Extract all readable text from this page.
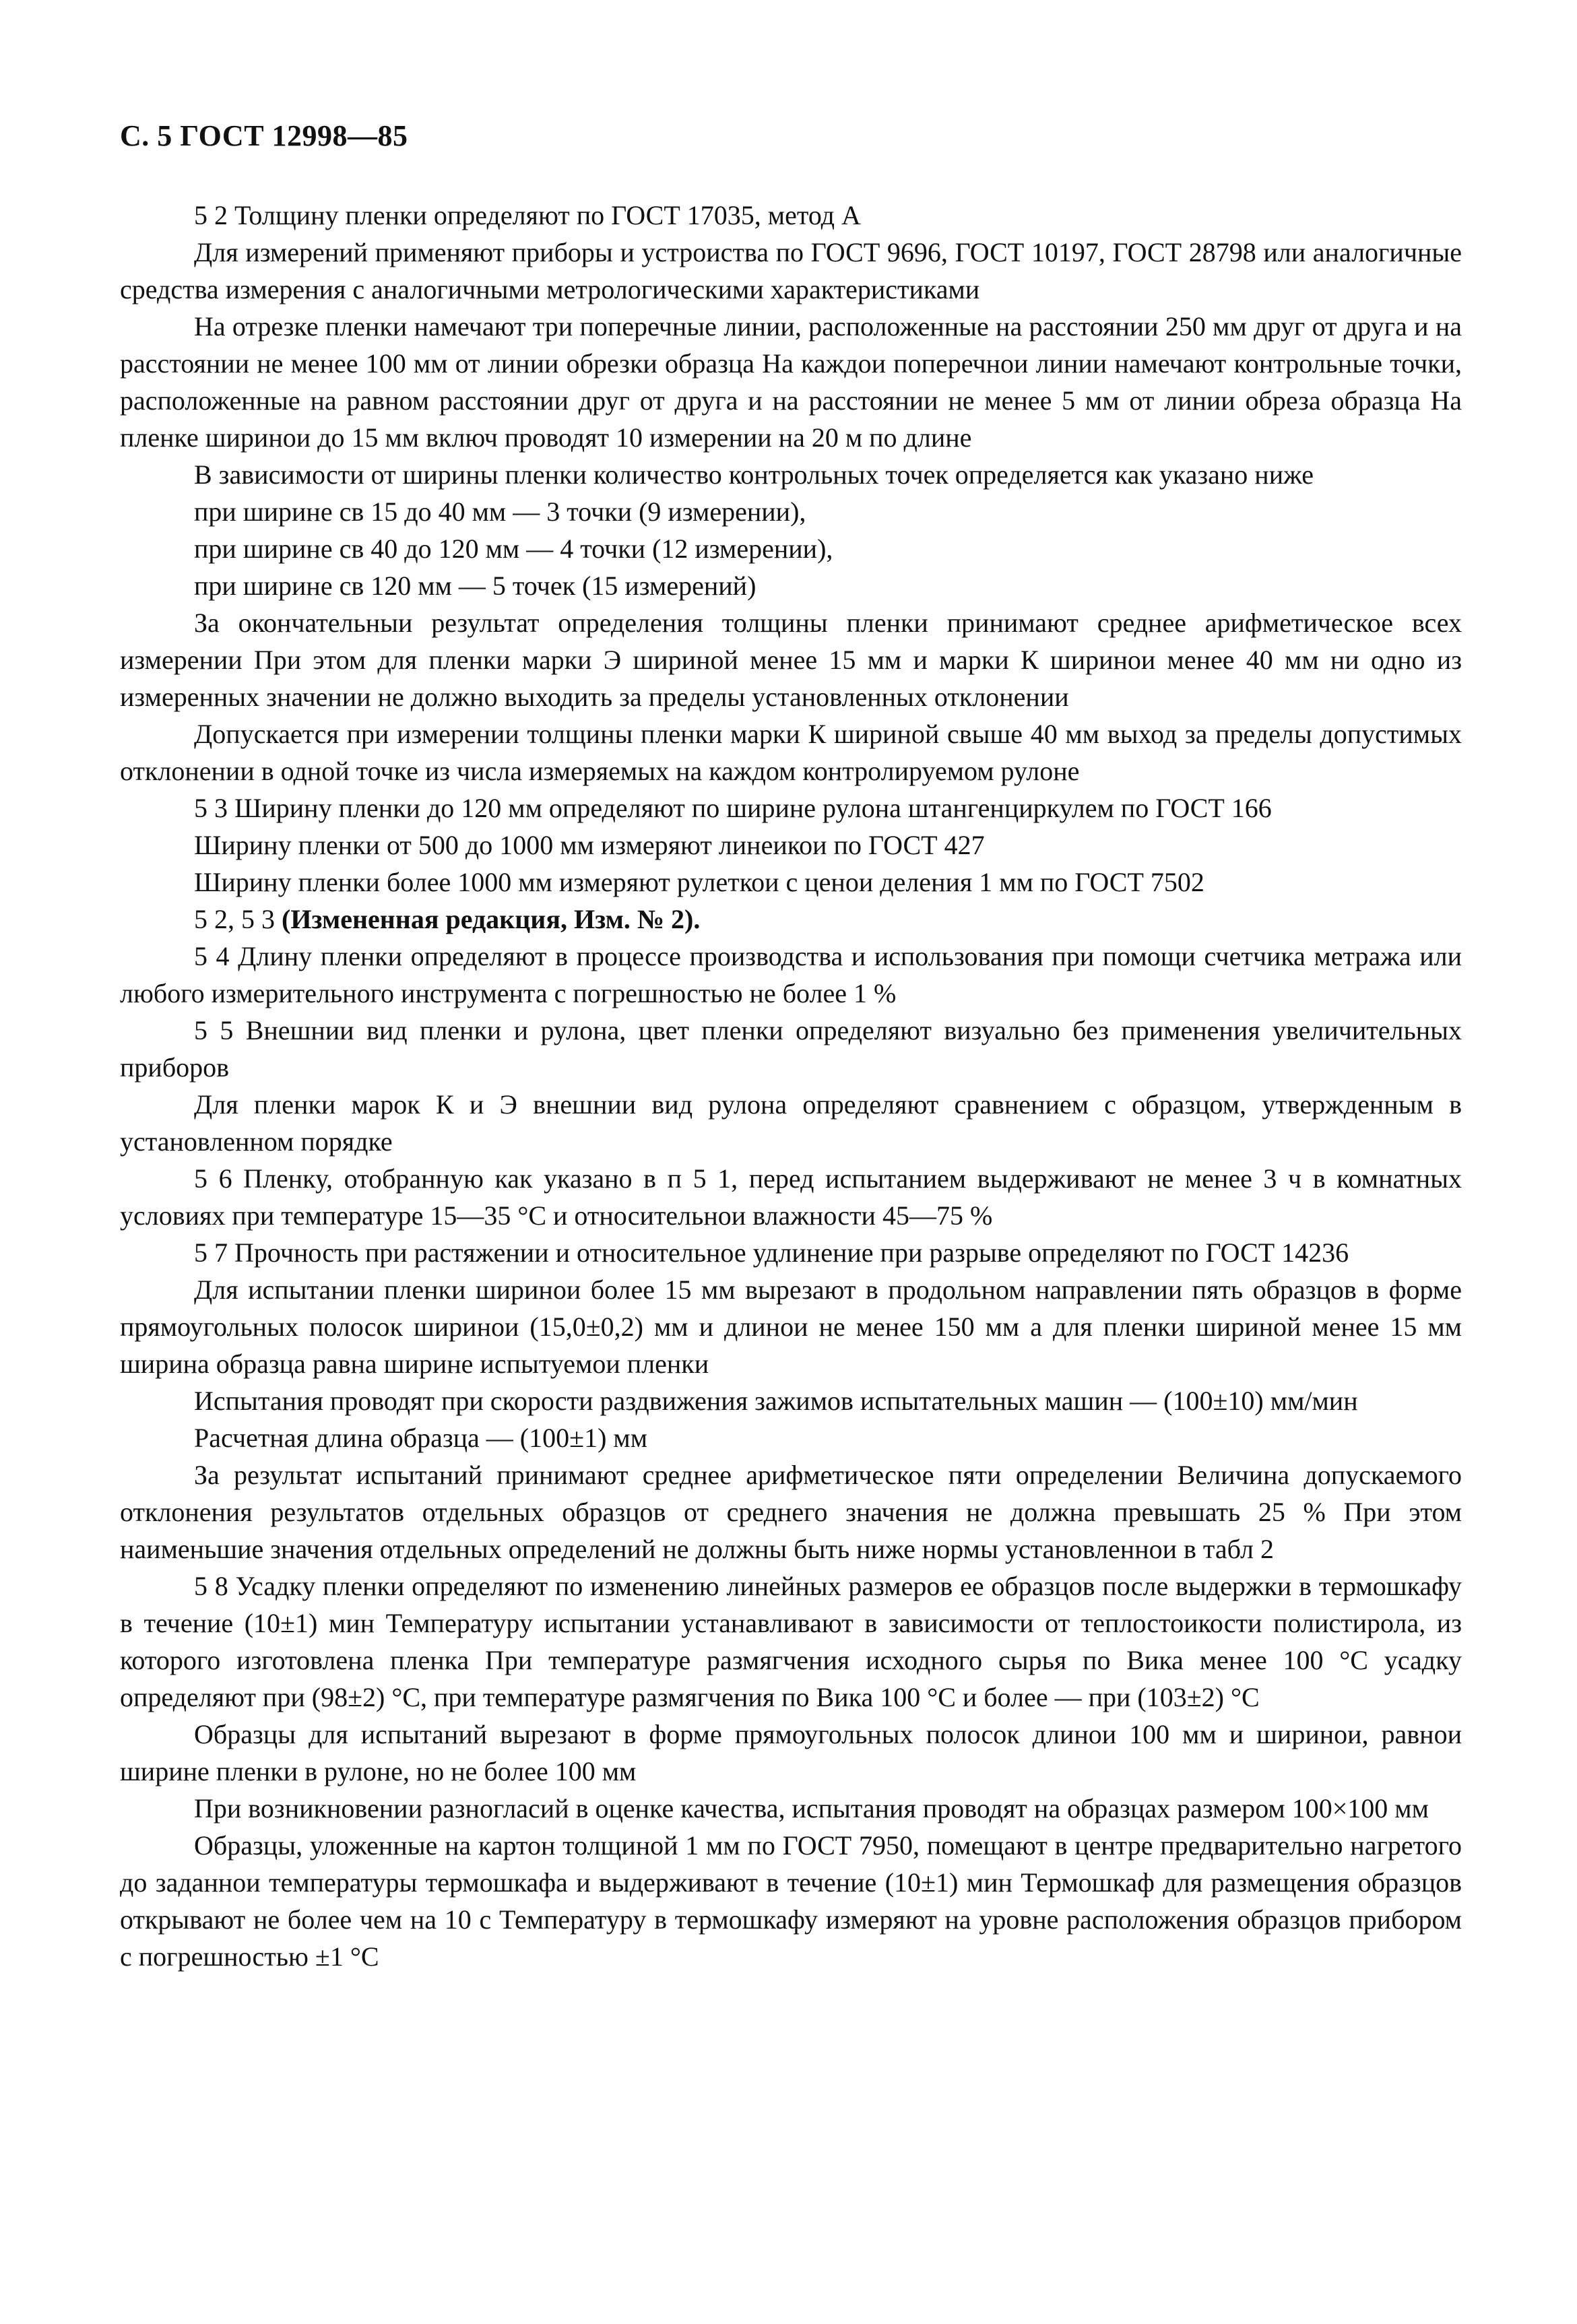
С. 5 ГОСТ 12998—85

5 2 Толщину пленки определяют по ГОСТ 17035, метод А

Для измерений применяют приборы и устроиства по ГОСТ 9696, ГОСТ 10197, ГОСТ 28798 или аналогичные средства измерения с аналогичными метрологическими характеристиками

На отрезке пленки намечают три поперечные линии, расположенные на расстоянии 250 мм друг от друга и на расстоянии не менее 100 мм от линии обрезки образца На каждои поперечнои линии намечают контрольные точки, расположенные на равном расстоянии друг от друга и на расстоянии не менее 5 мм от линии обреза образца На пленке ширинои до 15 мм включ проводят 10 измерении на 20 м по длине

В зависимости от ширины пленки количество контрольных точек определяется как указано ниже

при ширине св 15 до 40 мм — 3 точки (9 измерении),

при ширине св 40 до 120 мм — 4 точки (12 измерении),

при ширине св 120 мм — 5 точек (15 измерений)

За окончательныи результат определения толщины пленки принимают среднее арифметическое всех измерении При этом для пленки марки Э шириной менее 15 мм и марки К ширинои менее 40 мм ни одно из измеренных значении не должно выходить за пределы установленных отклонении

Допускается при измерении толщины пленки марки К шириной свыше 40 мм выход за пределы допустимых отклонении в одной точке из числа измеряемых на каждом контролируемом рулоне

5 3 Ширину пленки до 120 мм определяют по ширине рулона штангенциркулем по ГОСТ 166

Ширину пленки от 500 до 1000 мм измеряют линеикои по ГОСТ 427

Ширину пленки более 1000 мм измеряют рулеткои с ценои деления 1 мм по ГОСТ 7502

5 2, 5 3 (Измененная редакция, Изм. № 2).

5 4 Длину пленки определяют в процессе производства и использования при помощи счетчика метража или любого измерительного инструмента с погрешностью не более 1 %

5 5 Внешнии вид пленки и рулона, цвет пленки определяют визуально без применения увеличительных приборов

Для пленки марок К и Э внешнии вид рулона определяют сравнением с образцом, утвержденным в установленном порядке

5 6 Пленку, отобранную как указано в п 5 1, перед испытанием выдерживают не менее 3 ч в комнатных условиях при температуре 15—35 °С и относительнои влажности 45—75 %

5 7 Прочность при растяжении и относительное удлинение при разрыве определяют по ГОСТ 14236

Для испытании пленки ширинои более 15 мм вырезают в продольном направлении пять образцов в форме прямоугольных полосок ширинои (15,0±0,2) мм и длинои не менее 150 мм а для пленки шириной менее 15 мм ширина образца равна ширине испытуемои пленки

Испытания проводят при скорости раздвижения зажимов испытательных машин — (100±10) мм/мин

Расчетная длина образца — (100±1) мм

За результат испытаний принимают среднее арифметическое пяти определении Величина допускаемого отклонения результатов отдельных образцов от среднего значения не должна превышать 25 % При этом наименьшие значения отдельных определений не должны быть ниже нормы установленнои в табл 2

5 8 Усадку пленки определяют по изменению линейных размеров ее образцов после выдержки в термошкафу в течение (10±1) мин Температуру испытании устанавливают в зависимости от теплостоикости полистирола, из которого изготовлена пленка При температуре размягчения исходного сырья по Вика менее 100 °С усадку определяют при (98±2) °С, при температуре размягчения по Вика 100 °С и более — при (103±2) °С

Образцы для испытаний вырезают в форме прямоугольных полосок длинои 100 мм и ширинои, равнои ширине пленки в рулоне, но не более 100 мм

При возникновении разногласий в оценке качества, испытания проводят на образцах размером 100×100 мм

Образцы, уложенные на картон толщиной 1 мм по ГОСТ 7950, помещают в центре предварительно нагретого до заданнои температуры термошкафа и выдерживают в течение (10±1) мин Термошкаф для размещения образцов открывают не более чем на 10 с Температуру в термошкафу измеряют на уровне расположения образцов прибором с погрешностью ±1 °С
